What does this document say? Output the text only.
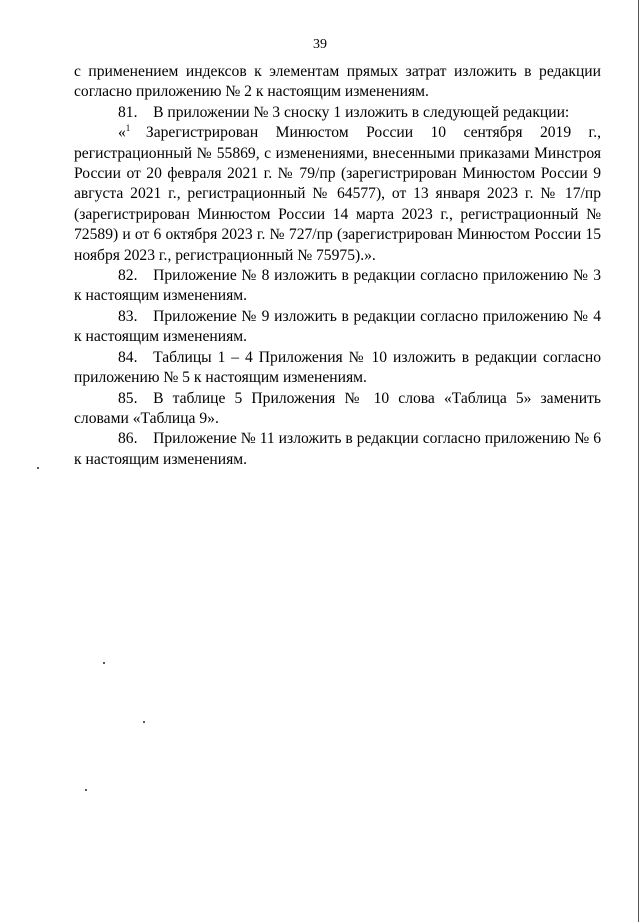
39

с применением индексов к элементам прямых затрат изложить в редакции согласно приложению № 2 к настоящим изменениям.

81. В приложении № 3 сноску 1 изложить в следующей редакции:

«$^1$ Зарегистрирован Минюстом России 10 сентября 2019 г., регистрационный № 55869, с изменениями, внесенными приказами Минстроя России от 20 февраля 2021 г. № 79/пр (зарегистрирован Минюстом России 9 августа 2021 г., регистрационный № 64577), от 13 января 2023 г. № 17/пр (зарегистрирован Минюстом России 14 марта 2023 г., регистрационный № 72589) и от 6 октября 2023 г. № 727/пр (зарегистрирован Минюстом России 15 ноября 2023 г., регистрационный № 75975).».

82. Приложение № 8 изложить в редакции согласно приложению № 3 к настоящим изменениям.

83. Приложение № 9 изложить в редакции согласно приложению № 4 к настоящим изменениям.

84. Таблицы 1 – 4 Приложения № 10 изложить в редакции согласно приложению № 5 к настоящим изменениям.

85. В таблице 5 Приложения № 10 слова «Таблица 5» заменить словами «Таблица 9».

86. Приложение № 11 изложить в редакции согласно приложению № 6 к настоящим изменениям.
